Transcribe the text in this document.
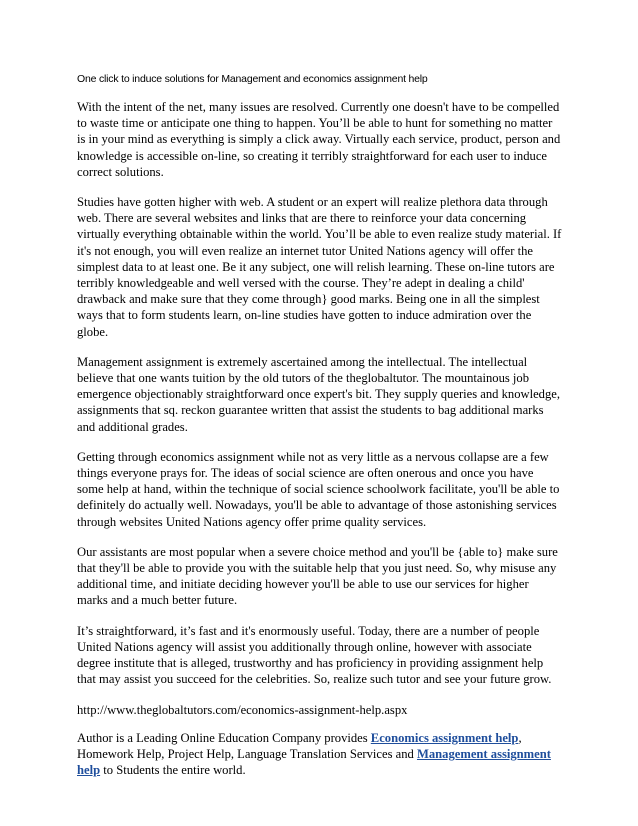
One click to induce solutions for Management and economics assignment help

With the intent of the net, many issues are resolved. Currently one doesn't have to be compelled to waste time or anticipate one thing to happen. You’ll be able to hunt for something no matter is in your mind as everything is simply a click away. Virtually each service, product, person and knowledge is accessible on-line, so creating it terribly straightforward for each user to induce correct solutions.

Studies have gotten higher with web. A student or an expert will realize plethora data through web. There are several websites and links that are there to reinforce your data concerning virtually everything obtainable within the world. You’ll be able to even realize study material. If it's not enough, you will even realize an internet tutor United Nations agency will offer the simplest data to at least one. Be it any subject, one will relish learning. These on-line tutors are terribly knowledgeable and well versed with the course. They’re adept in dealing a child' drawback and make sure that they come through} good marks. Being one in all the simplest ways that to form students learn, on-line studies have gotten to induce admiration over the globe.

Management assignment is extremely ascertained among the intellectual. The intellectual believe that one wants tuition by the old tutors of the theglobaltutor. The mountainous job emergence objectionably straightforward once expert's bit. They supply queries and knowledge, assignments that sq. reckon guarantee written that assist the students to bag additional marks and additional grades.

Getting through economics assignment while not as very little as a nervous collapse are a few things everyone prays for. The ideas of social science are often onerous and once you have some help at hand, within the technique of social science schoolwork facilitate, you'll be able to definitely do actually well. Nowadays, you'll be able to advantage of those astonishing services through websites United Nations agency offer prime quality services.

Our assistants are most popular when a severe choice method and you'll be {able to} make sure that they'll be able to provide you with the suitable help that you just need. So, why misuse any additional time, and initiate deciding however you'll be able to use our services for higher marks and a much better future.

It’s straightforward, it’s fast and it's enormously useful. Today, there are a number of people United Nations agency will assist you additionally through online, however with associate degree institute that is alleged, trustworthy and has proficiency in providing assignment help that may assist you succeed for the celebrities. So, realize such tutor and see your future grow.

http://www.theglobaltutors.com/economics-assignment-help.aspx

Author is a Leading Online Education Company provides Economics assignment help, Homework Help, Project Help, Language Translation Services and Management assignment help to Students the entire world.
